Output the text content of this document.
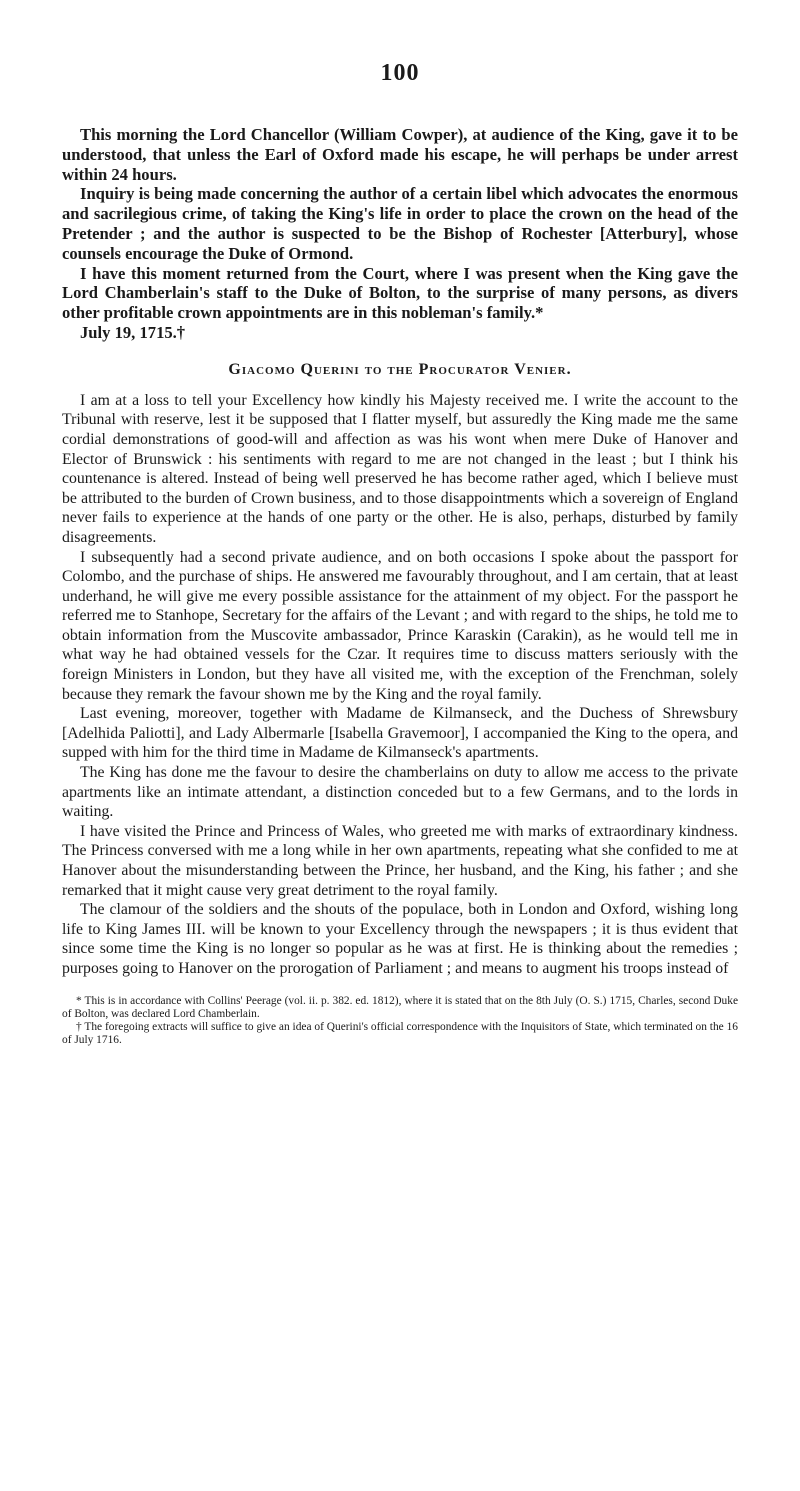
100

This morning the Lord Chancellor (William Cowper), at audience of the King, gave it to be understood, that unless the Earl of Oxford made his escape, he will perhaps be under arrest within 24 hours.

Inquiry is being made concerning the author of a certain libel which advocates the enormous and sacrilegious crime, of taking the King's life in order to place the crown on the head of the Pretender ; and the author is suspected to be the Bishop of Rochester [Atterbury], whose counsels encourage the Duke of Ormond.

I have this moment returned from the Court, where I was present when the King gave the Lord Chamberlain's staff to the Duke of Bolton, to the surprise of many persons, as divers other profitable crown appointments are in this nobleman's family.*

July 19, 1715.†

Giacomo Querini to the Procurator Venier.

I am at a loss to tell your Excellency how kindly his Majesty received me. I write the account to the Tribunal with reserve, lest it be supposed that I flatter myself, but assuredly the King made me the same cordial demonstrations of good-will and affection as was his wont when mere Duke of Hanover and Elector of Brunswick : his sentiments with regard to me are not changed in the least ; but I think his countenance is altered. Instead of being well preserved he has become rather aged, which I believe must be attributed to the burden of Crown business, and to those disappointments which a sovereign of England never fails to experience at the hands of one party or the other. He is also, perhaps, disturbed by family disagreements.

I subsequently had a second private audience, and on both occasions I spoke about the passport for Colombo, and the purchase of ships. He answered me favourably throughout, and I am certain, that at least underhand, he will give me every possible assistance for the attainment of my object. For the passport he referred me to Stanhope, Secretary for the affairs of the Levant ; and with regard to the ships, he told me to obtain information from the Muscovite ambassador, Prince Karaskin (Carakin), as he would tell me in what way he had obtained vessels for the Czar. It requires time to discuss matters seriously with the foreign Ministers in London, but they have all visited me, with the exception of the Frenchman, solely because they remark the favour shown me by the King and the royal family.

Last evening, moreover, together with Madame de Kilmanseck, and the Duchess of Shrewsbury [Adelhida Paliotti], and Lady Albermarle [Isabella Gravemoor], I accompanied the King to the opera, and supped with him for the third time in Madame de Kilmanseck's apartments.

The King has done me the favour to desire the chamberlains on duty to allow me access to the private apartments like an intimate attendant, a distinction conceded but to a few Germans, and to the lords in waiting.

I have visited the Prince and Princess of Wales, who greeted me with marks of extraordinary kindness. The Princess conversed with me a long while in her own apartments, repeating what she confided to me at Hanover about the misunderstanding between the Prince, her husband, and the King, his father ; and she remarked that it might cause very great detriment to the royal family.

The clamour of the soldiers and the shouts of the populace, both in London and Oxford, wishing long life to King James III. will be known to your Excellency through the newspapers ; it is thus evident that since some time the King is no longer so popular as he was at first. He is thinking about the remedies ; purposes going to Hanover on the prorogation of Parliament ; and means to augment his troops instead of

* This is in accordance with Collins' Peerage (vol. ii. p. 382. ed. 1812), where it is stated that on the 8th July (O. S.) 1715, Charles, second Duke of Bolton, was declared Lord Chamberlain.

† The foregoing extracts will suffice to give an idea of Querini's official correspondence with the Inquisitors of State, which terminated on the 16 of July 1716.
